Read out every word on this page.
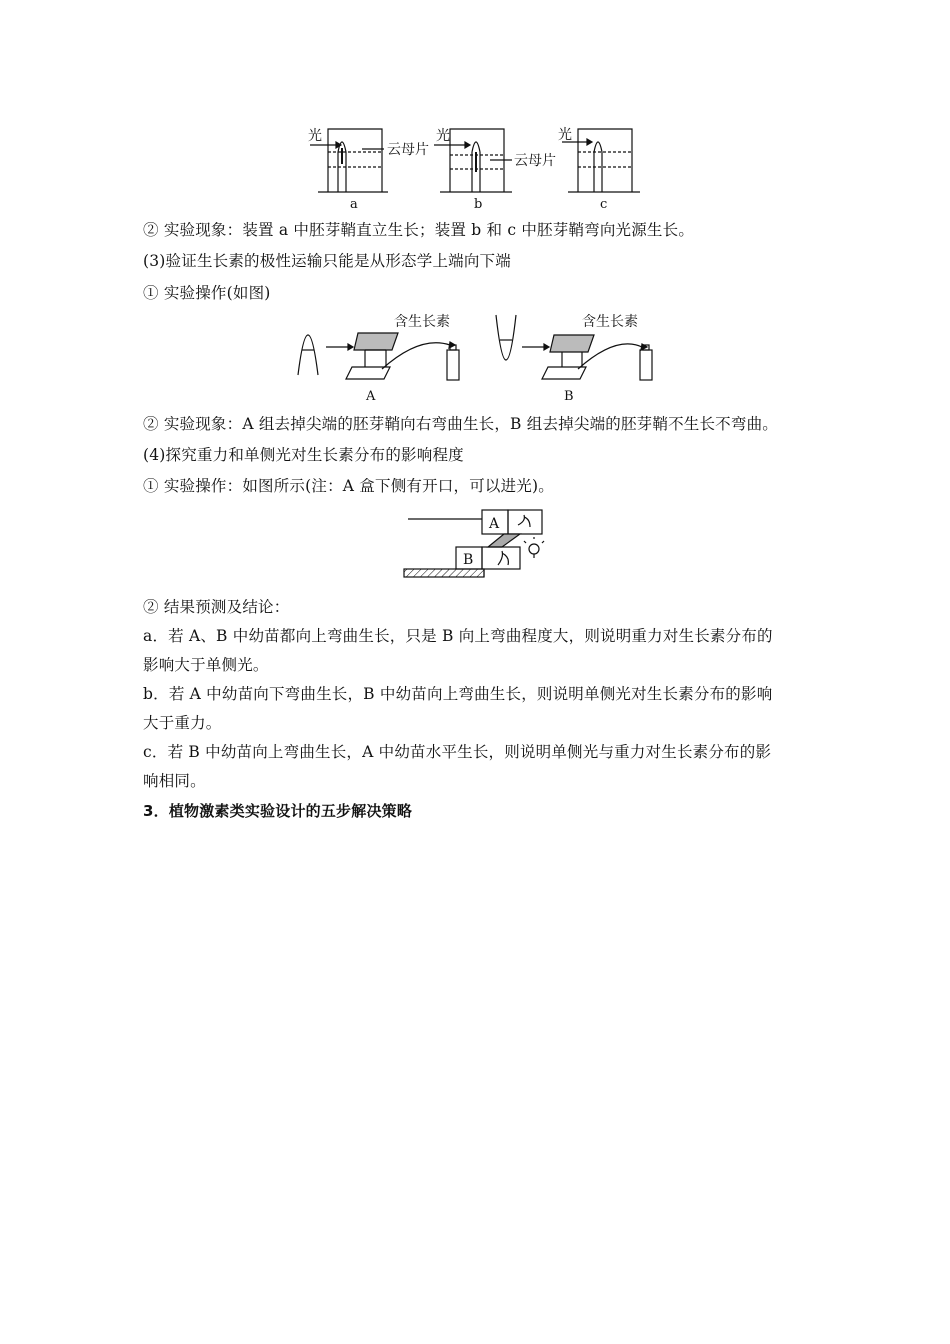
光
云母片
光
云母片
光
a	b	c
含生长素	含生长素
A	B
A
B
② 实验现象：装置 a 中胚芽鞘直立生长；装置 b 和 c 中胚芽鞘弯向光源生长。
(3)验证生长素的极性运输只能是从形态学上端向下端
① 实验操作(如图)
② 实验现象：A 组去掉尖端的胚芽鞘向右弯曲生长，B 组去掉尖端的胚芽鞘不生长不弯曲。
(4)探究重力和单侧光对生长素分布的影响程度
① 实验操作：如图所示(注：A 盒下侧有开口，可以进光)。
② 结果预测及结论：
a．若 A、B 中幼苗都向上弯曲生长，只是 B 向上弯曲程度大，则说明重力对生长素分布的
影响大于单侧光。
b．若 A 中幼苗向下弯曲生长，B 中幼苗向上弯曲生长，则说明单侧光对生长素分布的影响
大于重力。
c．若 B 中幼苗向上弯曲生长，A 中幼苗水平生长，则说明单侧光与重力对生长素分布的影
响相同。
3．植物激素类实验设计的五步解决策略
